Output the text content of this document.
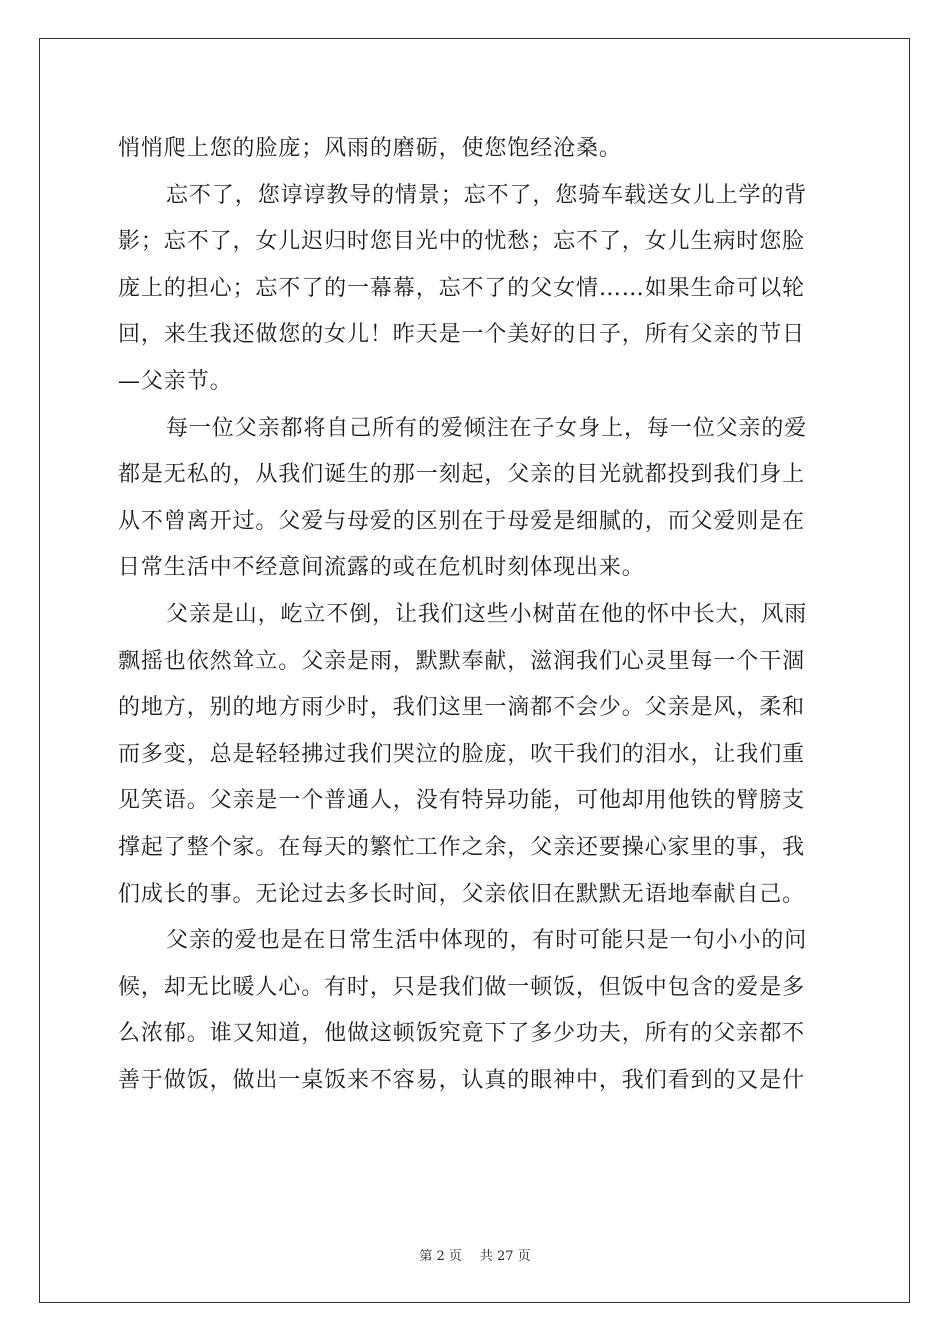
悄悄爬上您的脸庞；风雨的磨砺，使您饱经沧桑。
忘不了，您谆谆教导的情景；忘不了，您骑车载送女儿上学的背
影；忘不了，女儿迟归时您目光中的忧愁；忘不了，女儿生病时您脸
庞上的担心；忘不了的一幕幕，忘不了的父女情……如果生命可以轮
回，来生我还做您的女儿！昨天是一个美好的日子，所有父亲的节日
—父亲节。
每一位父亲都将自己所有的爱倾注在子女身上，每一位父亲的爱
都是无私的，从我们诞生的那一刻起，父亲的目光就都投到我们身上
从不曾离开过。父爱与母爱的区别在于母爱是细腻的，而父爱则是在
日常生活中不经意间流露的或在危机时刻体现出来。
父亲是山，屹立不倒，让我们这些小树苗在他的怀中长大，风雨
飘摇也依然耸立。父亲是雨，默默奉献，滋润我们心灵里每一个干涸
的地方，别的地方雨少时，我们这里一滴都不会少。父亲是风，柔和
而多变，总是轻轻拂过我们哭泣的脸庞，吹干我们的泪水，让我们重
见笑语。父亲是一个普通人，没有特异功能，可他却用他铁的臂膀支
撑起了整个家。在每天的繁忙工作之余，父亲还要操心家里的事，我
们成长的事。无论过去多长时间，父亲依旧在默默无语地奉献自己。
父亲的爱也是在日常生活中体现的，有时可能只是一句小小的问
候，却无比暖人心。有时，只是我们做一顿饭，但饭中包含的爱是多
么浓郁。谁又知道，他做这顿饭究竟下了多少功夫，所有的父亲都不
善于做饭，做出一桌饭来不容易，认真的眼神中，我们看到的又是什
第 2 页 共 27 页
